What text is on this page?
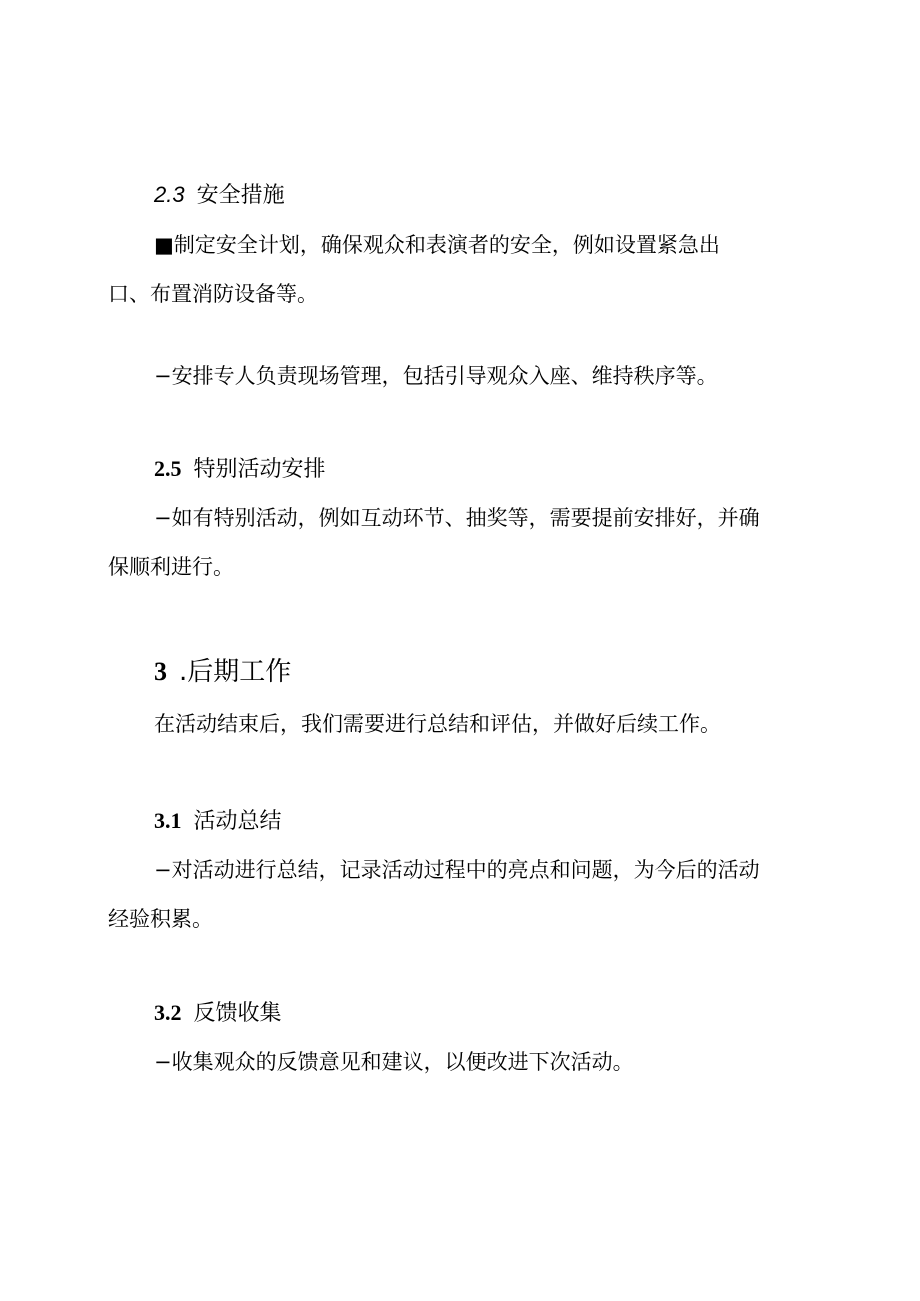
2.3 安全措施

■制定安全计划，确保观众和表演者的安全，例如设置紧急出

口、布置消防设备等。

−安排专人负责现场管理，包括引导观众入座、维持秩序等。

2.5 特别活动安排

−如有特别活动，例如互动环节、抽奖等，需要提前安排好，并确

保顺利进行。

3 .后期工作

在活动结束后，我们需要进行总结和评估，并做好后续工作。

3.1 活动总结

−对活动进行总结，记录活动过程中的亮点和问题，为今后的活动

经验积累。

3.2 反馈收集

−收集观众的反馈意见和建议，以便改进下次活动。
